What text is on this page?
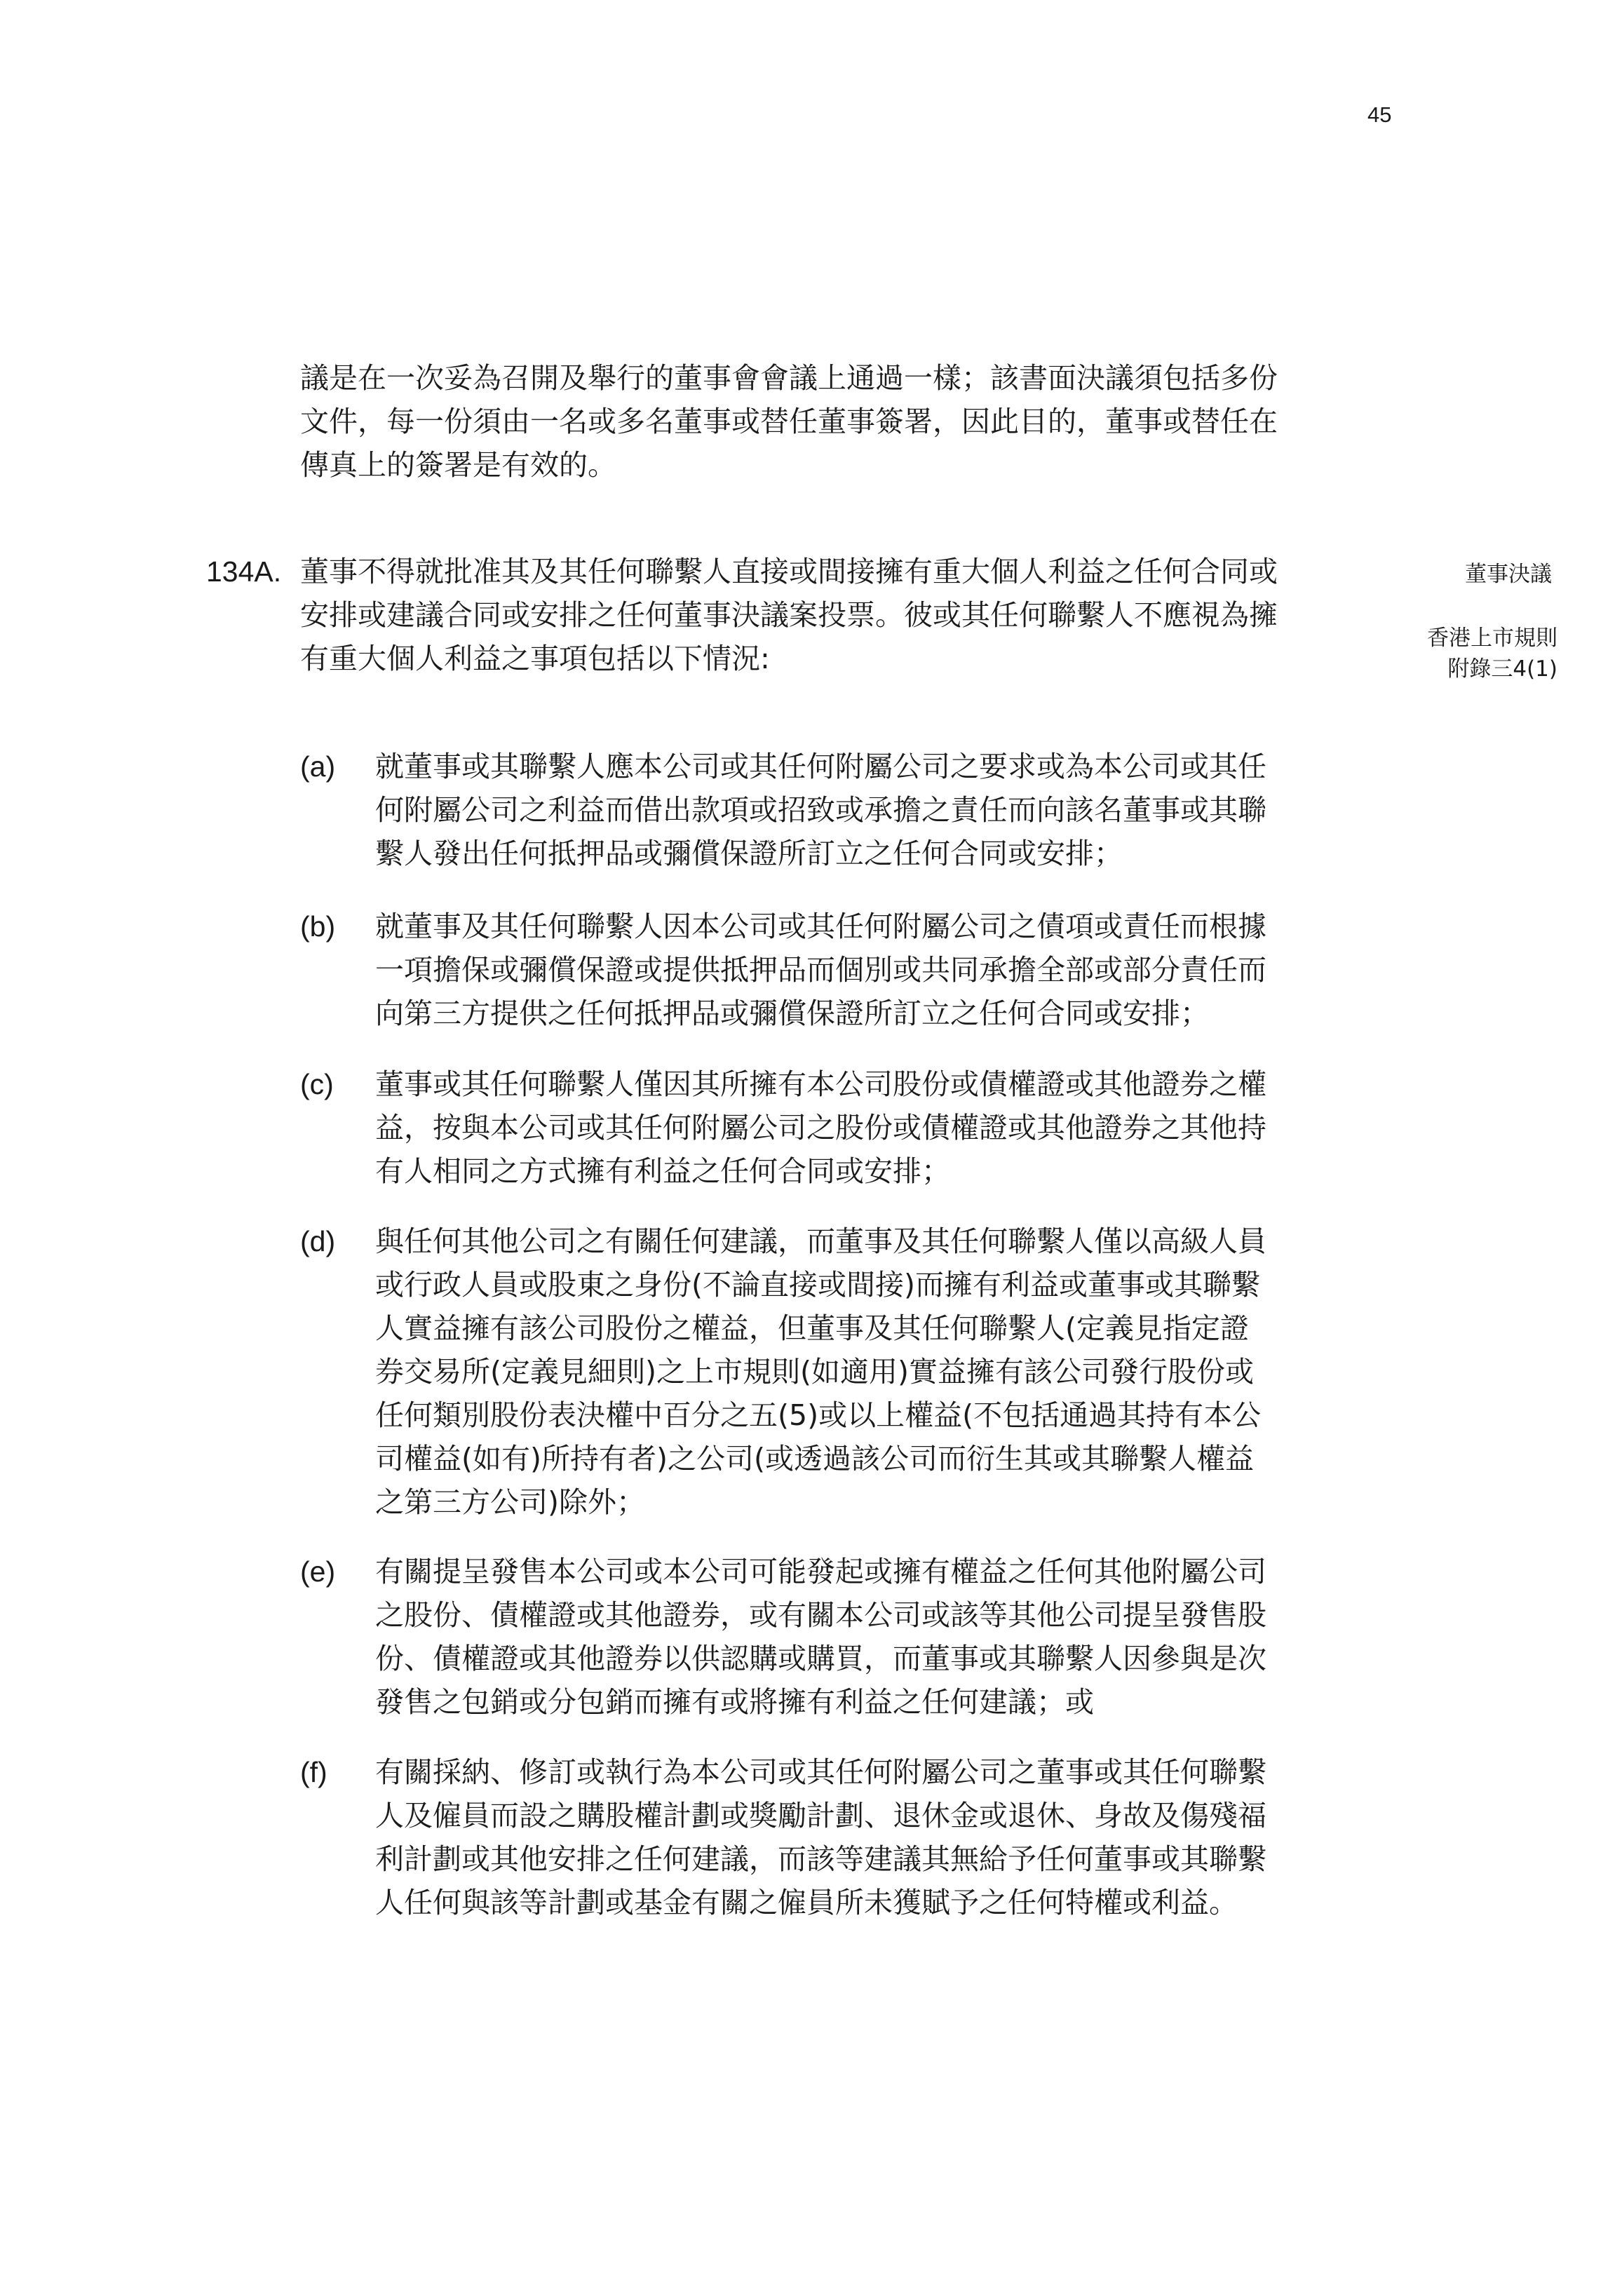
45
議是在一次妥為召開及舉行的董事會會議上通過一樣；該書面決議須包括多份
文件，每一份須由一名或多名董事或替任董事簽署，因此目的，董事或替任在
傳真上的簽署是有效的。
134A. 董事不得就批准其及其任何聯繫人直接或間接擁有重大個人利益之任何合同或
安排或建議合同或安排之任何董事決議案投票。彼或其任何聯繫人不應視為擁
有重大個人利益之事項包括以下情況:
董事決議
香港上市規則
附錄三4(1)
(a) 就董事或其聯繫人應本公司或其任何附屬公司之要求或為本公司或其任
何附屬公司之利益而借出款項或招致或承擔之責任而向該名董事或其聯
繫人發出任何抵押品或彌償保證所訂立之任何合同或安排；
(b) 就董事及其任何聯繫人因本公司或其任何附屬公司之債項或責任而根據
一項擔保或彌償保證或提供抵押品而個別或共同承擔全部或部分責任而
向第三方提供之任何抵押品或彌償保證所訂立之任何合同或安排；
(c) 董事或其任何聯繫人僅因其所擁有本公司股份或債權證或其他證券之權
益，按與本公司或其任何附屬公司之股份或債權證或其他證券之其他持
有人相同之方式擁有利益之任何合同或安排；
(d) 與任何其他公司之有關任何建議，而董事及其任何聯繫人僅以高級人員
或行政人員或股東之身份(不論直接或間接)而擁有利益或董事或其聯繫
人實益擁有該公司股份之權益，但董事及其任何聯繫人(定義見指定證
券交易所(定義見細則)之上市規則(如適用)實益擁有該公司發行股份或
任何類別股份表決權中百分之五(5)或以上權益(不包括通過其持有本公
司權益(如有)所持有者)之公司(或透過該公司而衍生其或其聯繫人權益
之第三方公司)除外；
(e) 有關提呈發售本公司或本公司可能發起或擁有權益之任何其他附屬公司
之股份、債權證或其他證券，或有關本公司或該等其他公司提呈發售股
份、債權證或其他證券以供認購或購買，而董事或其聯繫人因參與是次
發售之包銷或分包銷而擁有或將擁有利益之任何建議；或
(f) 有關採納、修訂或執行為本公司或其任何附屬公司之董事或其任何聯繫
人及僱員而設之購股權計劃或獎勵計劃、退休金或退休、身故及傷殘福
利計劃或其他安排之任何建議，而該等建議其無給予任何董事或其聯繫
人任何與該等計劃或基金有關之僱員所未獲賦予之任何特權或利益。
